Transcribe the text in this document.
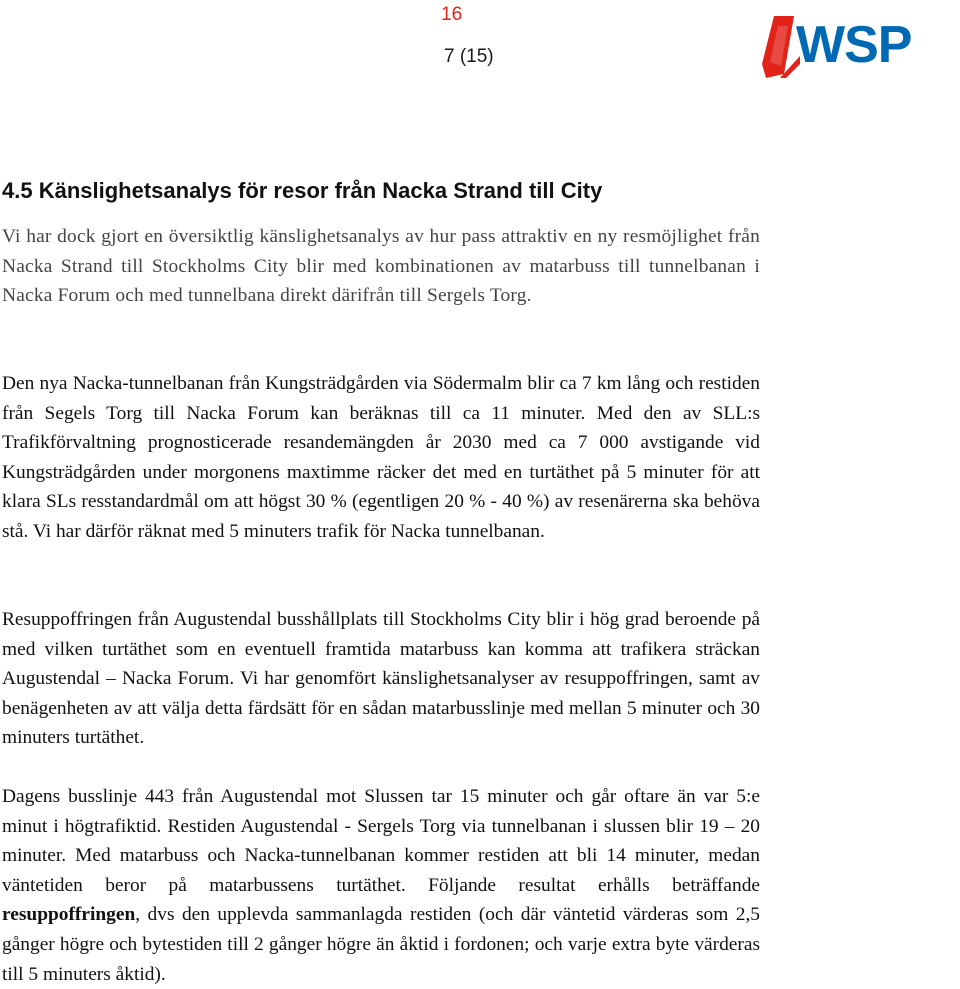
16
7 (15)	WSP
4.5 Känslighetsanalys för resor från Nacka Strand till City

Vi har dock gjort en översiktlig känslighetsanalys av hur pass attraktiv en ny resmöjlighet från Nacka Strand till Stockholms City blir med kombinationen av matarbuss till tunnelbanan i Nacka Forum och med tunnelbana direkt därifrån till Sergels Torg.

Den nya Nacka-tunnelbanan från Kungsträdgården via Södermalm blir ca 7 km lång och restiden från Segels Torg till Nacka Forum kan beräknas till ca 11 minuter. Med den av SLL:s Trafikförvaltning prognosticerade resandemängden år 2030 med ca 7 000 avstigande vid Kungsträdgården under morgonens maxtimme räcker det med en turtäthet på 5 minuter för att klara SLs resstandardmål om att högst 30 % (egentligen 20 % - 40 %) av resenärerna ska behöva stå. Vi har därför räknat med 5 minuters trafik för Nacka tunnelbanan.

Resuppoffringen från Augustendal busshållplats till Stockholms City blir i hög grad beroende på med vilken turtäthet som en eventuell framtida matarbuss kan komma att trafikera sträckan Augustendal – Nacka Forum. Vi har genomfört känslighetsanalyser av resuppoffringen, samt av benägenheten av att välja detta färdsätt för en sådan matarbusslinje med mellan 5 minuter och 30 minuters turtäthet.

Dagens busslinje 443 från Augustendal mot Slussen tar 15 minuter och går oftare än var 5:e minut i högtrafiktid. Restiden Augustendal - Sergels Torg via tunnelbanan i slussen blir 19 – 20 minuter. Med matarbuss och Nacka-tunnelbanan kommer restiden att bli 14 minuter, medan väntetiden beror på matarbussens turtäthet. Följande resultat erhålls beträffande resuppoffringen, dvs den upplevda sammanlagda restiden (och där väntetid värderas som 2,5 gånger högre och bytestiden till 2 gånger högre än åktid i fordonen; och varje extra byte värderas till 5 minuters åktid).
